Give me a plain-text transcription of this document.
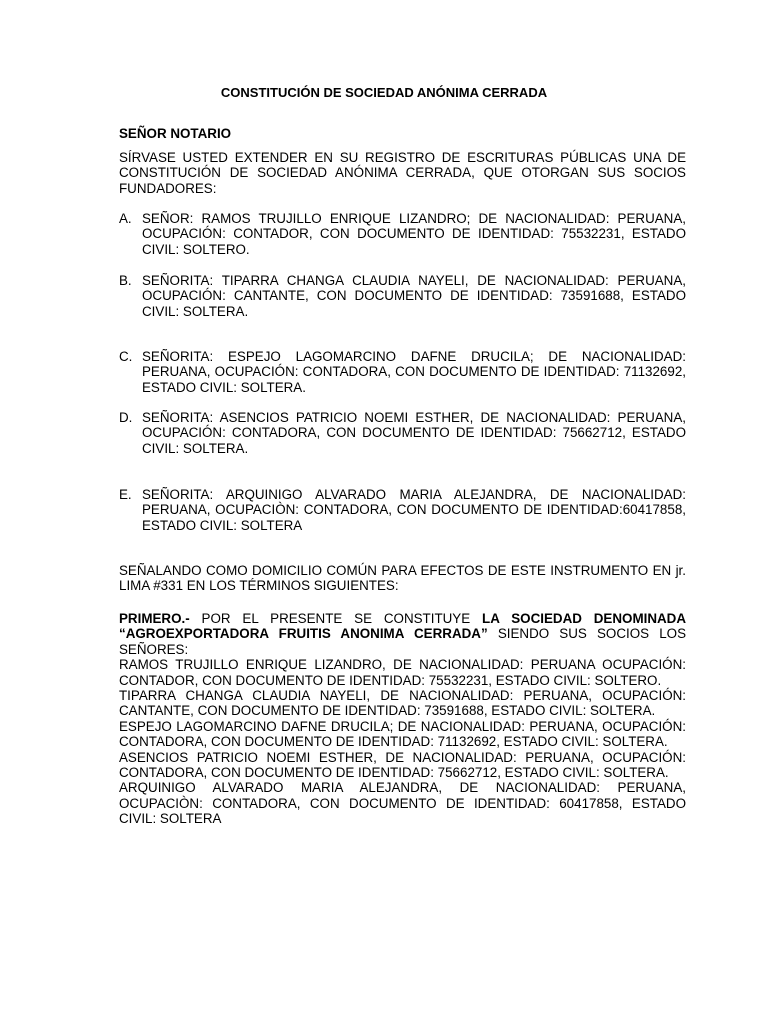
CONSTITUCIÓN DE SOCIEDAD ANÓNIMA CERRADA
SEÑOR NOTARIO
SÍRVASE USTED EXTENDER EN SU REGISTRO DE ESCRITURAS PÚBLICAS UNA DE CONSTITUCIÓN DE SOCIEDAD ANÓNIMA CERRADA, QUE OTORGAN SUS SOCIOS FUNDADORES:
A. SEÑOR: RAMOS TRUJILLO ENRIQUE LIZANDRO; DE NACIONALIDAD: PERUANA, OCUPACIÓN: CONTADOR, CON DOCUMENTO DE IDENTIDAD: 75532231, ESTADO CIVIL: SOLTERO.
B. SEÑORITA: TIPARRA CHANGA CLAUDIA NAYELI, DE NACIONALIDAD: PERUANA, OCUPACIÓN: CANTANTE, CON DOCUMENTO DE IDENTIDAD: 73591688, ESTADO CIVIL: SOLTERA.
C. SEÑORITA: ESPEJO LAGOMARCINO DAFNE DRUCILA; DE NACIONALIDAD: PERUANA, OCUPACIÓN: CONTADORA, CON DOCUMENTO DE IDENTIDAD: 71132692, ESTADO CIVIL: SOLTERA.
D. SEÑORITA: ASENCIOS PATRICIO NOEMI ESTHER, DE NACIONALIDAD: PERUANA, OCUPACIÓN: CONTADORA, CON DOCUMENTO DE IDENTIDAD: 75662712, ESTADO CIVIL: SOLTERA.
E. SEÑORITA: ARQUINIGO ALVARADO MARIA ALEJANDRA, DE NACIONALIDAD: PERUANA, OCUPACIÒN: CONTADORA, CON DOCUMENTO DE IDENTIDAD:60417858, ESTADO CIVIL: SOLTERA
SEÑALANDO COMO DOMICILIO COMÚN PARA EFECTOS DE ESTE INSTRUMENTO EN jr. LIMA #331 EN LOS TÉRMINOS SIGUIENTES:
PRIMERO.- POR EL PRESENTE SE CONSTITUYE LA SOCIEDAD DENOMINADA “AGROEXPORTADORA FRUITIS ANONIMA CERRADA” SIENDO SUS SOCIOS LOS SEÑORES:
RAMOS TRUJILLO ENRIQUE LIZANDRO, DE NACIONALIDAD: PERUANA OCUPACIÓN: CONTADOR, CON DOCUMENTO DE IDENTIDAD: 75532231, ESTADO CIVIL: SOLTERO.
TIPARRA CHANGA CLAUDIA NAYELI, DE NACIONALIDAD: PERUANA, OCUPACIÓN: CANTANTE, CON DOCUMENTO DE IDENTIDAD: 73591688, ESTADO CIVIL: SOLTERA.
ESPEJO LAGOMARCINO DAFNE DRUCILA; DE NACIONALIDAD: PERUANA, OCUPACIÓN: CONTADORA, CON DOCUMENTO DE IDENTIDAD: 71132692, ESTADO CIVIL: SOLTERA.
ASENCIOS PATRICIO NOEMI ESTHER, DE NACIONALIDAD: PERUANA, OCUPACIÓN: CONTADORA, CON DOCUMENTO DE IDENTIDAD: 75662712, ESTADO CIVIL: SOLTERA.
ARQUINIGO ALVARADO MARIA ALEJANDRA, DE NACIONALIDAD: PERUANA, OCUPACIÒN: CONTADORA, CON DOCUMENTO DE IDENTIDAD: 60417858, ESTADO CIVIL: SOLTERA
